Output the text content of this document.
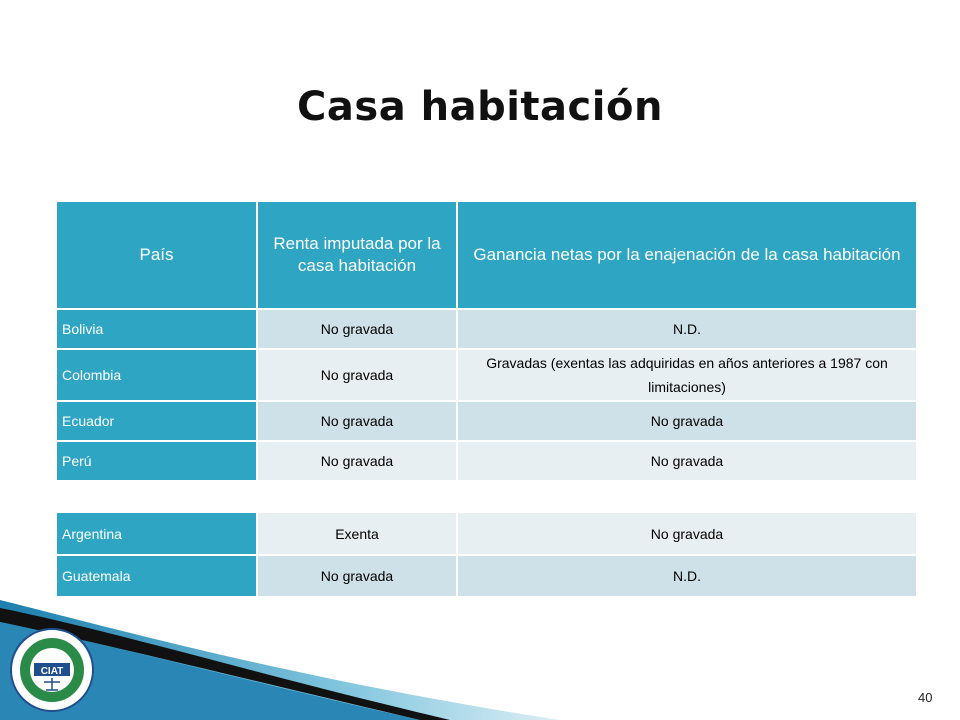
Casa habitación
País	Renta imputada por la casa habitación	Ganancia netas por la enajenación de la casa habitación
Bolivia	No gravada	N.D.
Colombia	No gravada	Gravadas (exentas las adquiridas en años anteriores a 1987 con limitaciones)
Ecuador	No gravada	No gravada
Perú	No gravada	No gravada
Argentina	Exenta	No gravada
Guatemala	No gravada	N.D.
CIAT
40
